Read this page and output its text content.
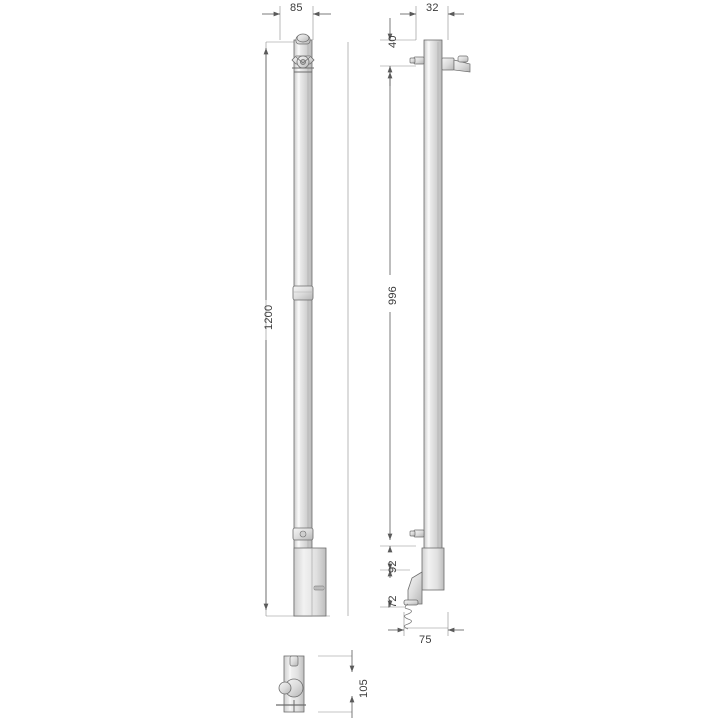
85
1200
32
40
996
92
72
75
105
